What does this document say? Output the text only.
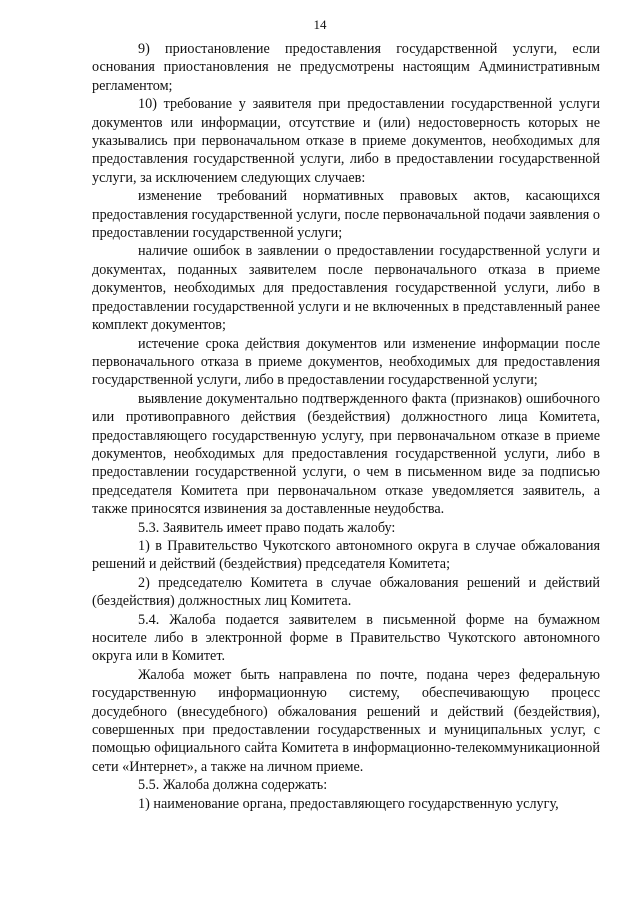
14

9) приостановление предоставления государственной услуги, если основания приостановления не предусмотрены настоящим Административным регламентом;

10) требование у заявителя при предоставлении государственной услуги документов или информации, отсутствие и (или) недостоверность которых не указывались при первоначальном отказе в приеме документов, необходимых для предоставления государственной услуги, либо в предоставлении государственной услуги, за исключением следующих случаев:

изменение требований нормативных правовых актов, касающихся предоставления государственной услуги, после первоначальной подачи заявления о предоставлении государственной услуги;

наличие ошибок в заявлении о предоставлении государственной услуги и документах, поданных заявителем после первоначального отказа в приеме документов, необходимых для предоставления государственной услуги, либо в предоставлении государственной услуги и не включенных в представленный ранее комплект документов;

истечение срока действия документов или изменение информации после первоначального отказа в приеме документов, необходимых для предоставления государственной услуги, либо в предоставлении государственной услуги;

выявление документально подтвержденного факта (признаков) ошибочного или противоправного действия (бездействия) должностного лица Комитета, предоставляющего государственную услугу, при первоначальном отказе в приеме документов, необходимых для предоставления государственной услуги, либо в предоставлении государственной услуги, о чем в письменном виде за подписью председателя Комитета при первоначальном отказе уведомляется заявитель, а также приносятся извинения за доставленные неудобства.

5.3. Заявитель имеет право подать жалобу:

1) в Правительство Чукотского автономного округа в случае обжалования решений и действий (бездействия) председателя Комитета;

2) председателю Комитета в случае обжалования решений и действий (бездействия) должностных лиц Комитета.

5.4. Жалоба подается заявителем в письменной форме на бумажном носителе либо в электронной форме в Правительство Чукотского автономного округа или в Комитет.

Жалоба может быть направлена по почте, подана через федеральную государственную информационную систему, обеспечивающую процесс досудебного (внесудебного) обжалования решений и действий (бездействия), совершенных при предоставлении государственных и муниципальных услуг, с помощью официального сайта Комитета в информационно-телекоммуникационной сети «Интернет», а также на личном приеме.

5.5. Жалоба должна содержать:

1) наименование органа, предоставляющего государственную услугу,
